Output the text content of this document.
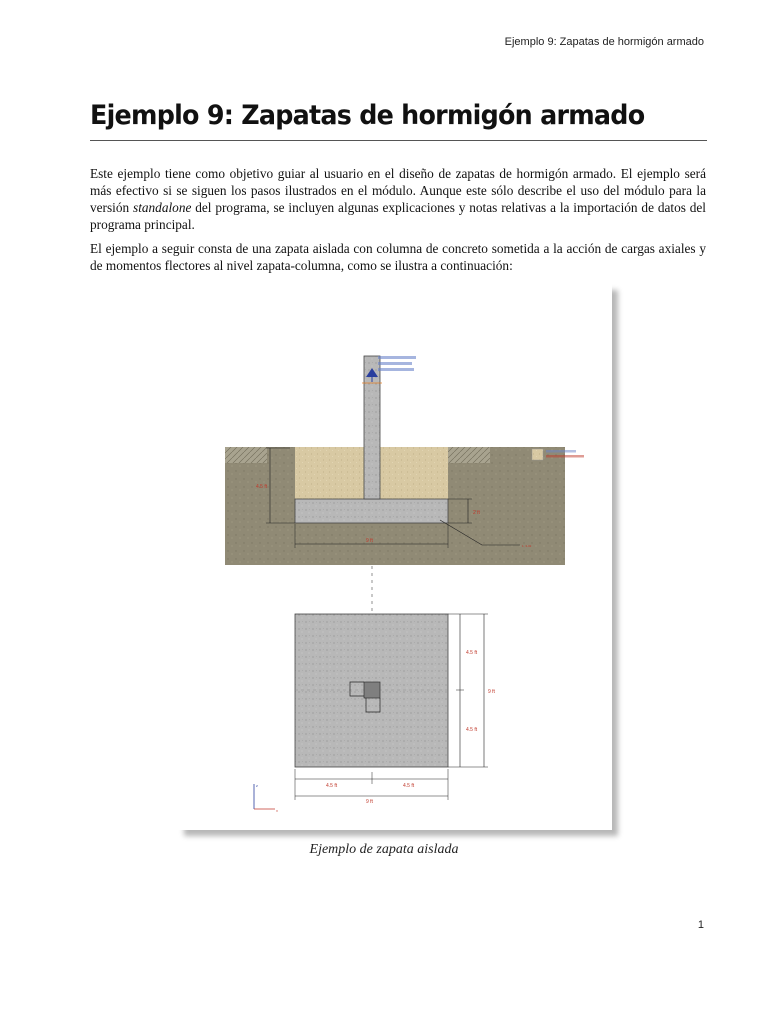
Ejemplo 9: Zapatas de hormigón armado
Ejemplo 9: Zapatas de hormigón armado

Este ejemplo tiene como objetivo guiar al usuario en el diseño de zapatas de hormigón armado. El ejemplo será más efectivo si se siguen los pasos ilustrados en el módulo. Aunque este sólo describe el uso del módulo para la versión standalone del programa, se incluyen algunas explicaciones y notas relativas a la importación de datos del programa principal.

El ejemplo a seguir consta de una zapata aislada con columna de concreto sometida a la acción de cargas axiales y de momentos flectores al nivel zapata-columna, como se ilustra a continuación:

4.5 ft
2 ft
9 ft
1, 3-02
4.5 ft
9 ft
4.5 ft
4.5 ft	4.5 ft
9 ft
Z
X
Ejemplo de zapata aislada
1
